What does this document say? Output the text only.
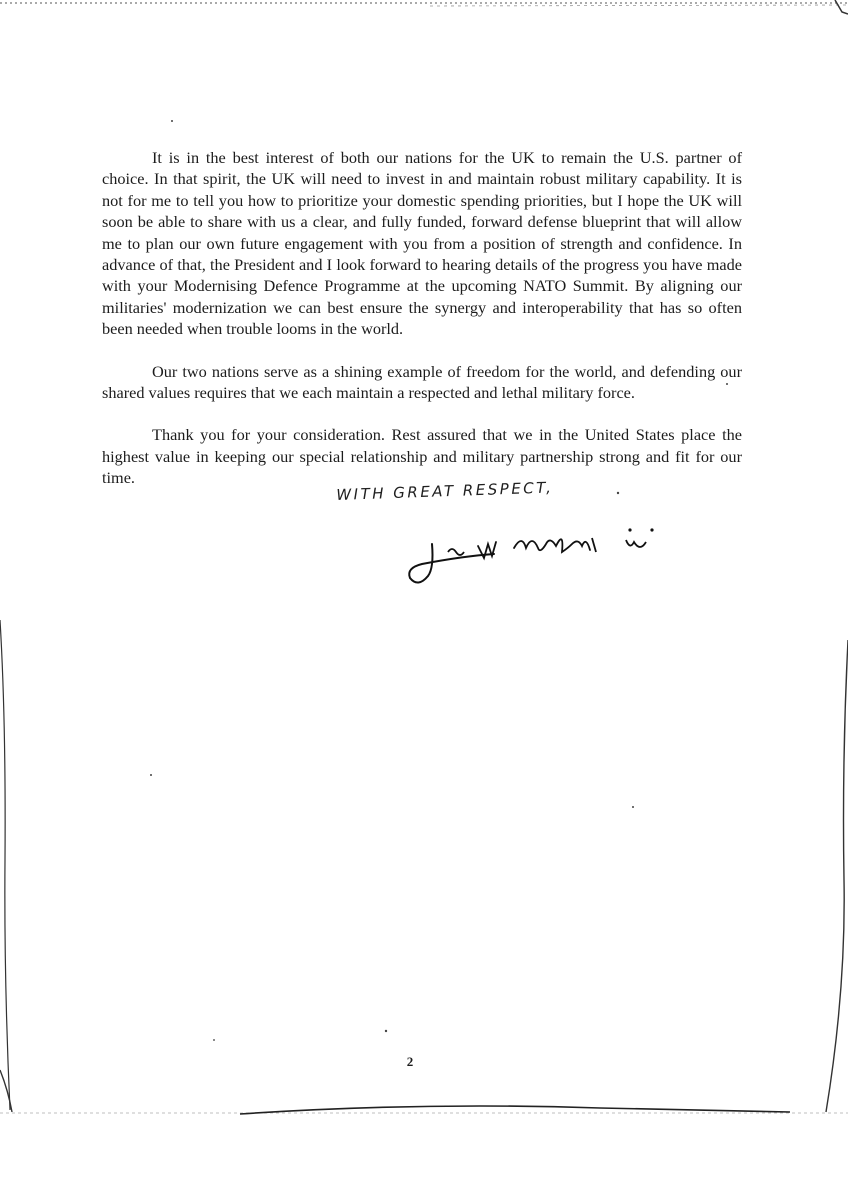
It is in the best interest of both our nations for the UK to remain the U.S. partner of choice. In that spirit, the UK will need to invest in and maintain robust military capability. It is not for me to tell you how to prioritize your domestic spending priorities, but I hope the UK will soon be able to share with us a clear, and fully funded, forward defense blueprint that will allow me to plan our own future engagement with you from a position of strength and confidence. In advance of that, the President and I look forward to hearing details of the progress you have made with your Modernising Defence Programme at the upcoming NATO Summit. By aligning our militaries' modernization we can best ensure the synergy and interoperability that has so often been needed when trouble looms in the world.

Our two nations serve as a shining example of freedom for the world, and defending our shared values requires that we each maintain a respected and lethal military force.

Thank you for your consideration. Rest assured that we in the United States place the highest value in keeping our special relationship and military partnership strong and fit for our time.

WITH GREAT RESPECT,
2
